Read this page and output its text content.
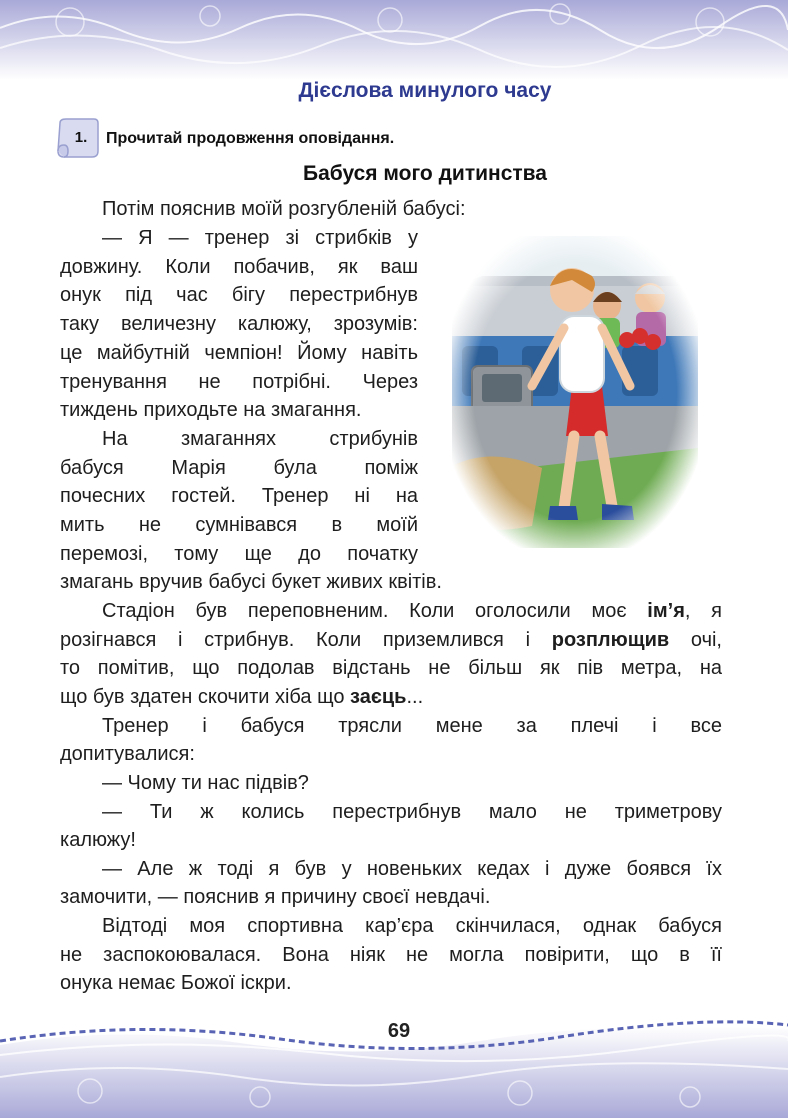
Дієслова минулого часу
1.	Прочитай продовження оповідання.
Бабуся мого дитинства
Потім пояснив моїй розгубленій бабусі:
— Я — тренер зі стрибків у
довжину. Коли побачив, як ваш
онук під час бігу перестрибнув
таку величезну калюжу, зрозумів:
це майбутній чемпіон! Йому навіть
тренування не потрібні. Через
тиждень приходьте на змагання.
На змаганнях стрибунів
бабуся Марія була поміж
почесних гостей. Тренер ні на
мить не сумнівався в моїй
перемозі, тому ще до початку
змагань вручив бабусі букет живих квітів.
Стадіон був переповненим. Коли оголосили моє ім’я, я
розігнався і стрибнув. Коли приземлився і розплющив очі,
то помітив, що подолав відстань не більш як пів метра, на
що був здатен скочити хіба що заєць...
Тренер і бабуся трясли мене за плечі і все
допитувалися:
— Чому ти нас підвів?
— Ти ж колись перестрибнув мало не триметрову
калюжу!
— Але ж тоді я був у новеньких кедах і дуже боявся їх
замочити, — пояснив я причину своєї невдачі.
Відтоді моя спортивна кар’єра скінчилася, однак бабуся
не заспокоювалася. Вона ніяк не могла повірити, що в її
онука немає Божої іскри.
69
